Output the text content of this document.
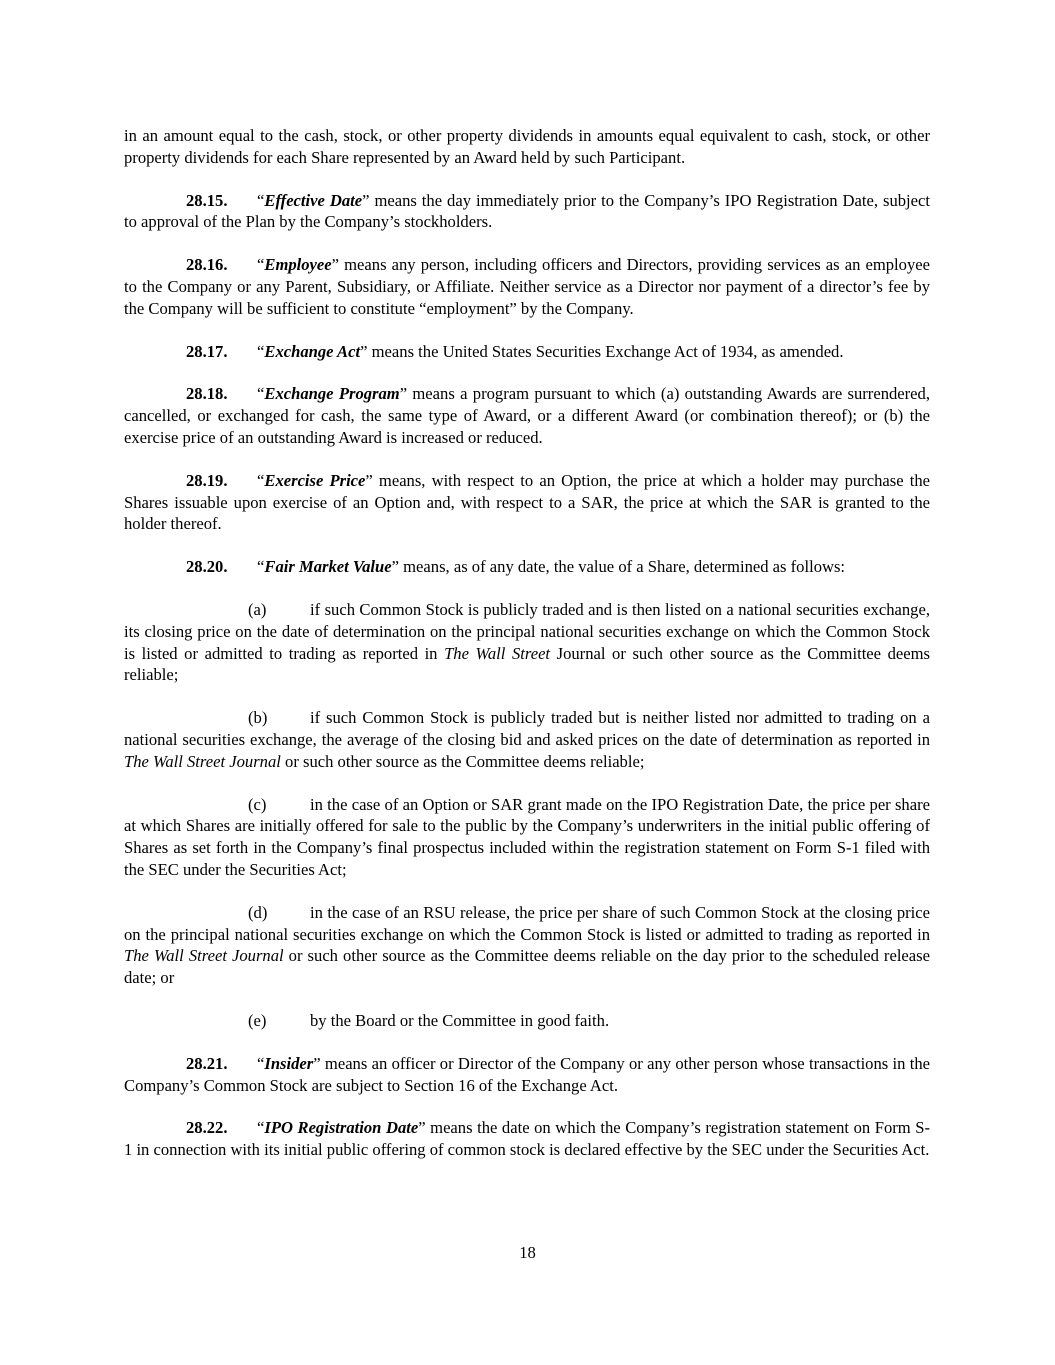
in an amount equal to the cash, stock, or other property dividends in amounts equal equivalent to cash, stock, or other property dividends for each Share represented by an Award held by such Participant.

28.15. “Effective Date” means the day immediately prior to the Company’s IPO Registration Date, subject to approval of the Plan by the Company’s stockholders.

28.16. “Employee” means any person, including officers and Directors, providing services as an employee to the Company or any Parent, Subsidiary, or Affiliate. Neither service as a Director nor payment of a director’s fee by the Company will be sufficient to constitute “employment” by the Company.

28.17. “Exchange Act” means the United States Securities Exchange Act of 1934, as amended.

28.18. “Exchange Program” means a program pursuant to which (a) outstanding Awards are surrendered, cancelled, or exchanged for cash, the same type of Award, or a different Award (or combination thereof); or (b) the exercise price of an outstanding Award is increased or reduced.

28.19. “Exercise Price” means, with respect to an Option, the price at which a holder may purchase the Shares issuable upon exercise of an Option and, with respect to a SAR, the price at which the SAR is granted to the holder thereof.

28.20. “Fair Market Value” means, as of any date, the value of a Share, determined as follows:

(a)	if such Common Stock is publicly traded and is then listed on a national securities exchange, its closing price on the date of determination on the principal national securities exchange on which the Common Stock is listed or admitted to trading as reported in The Wall Street Journal or such other source as the Committee deems reliable;

(b)	if such Common Stock is publicly traded but is neither listed nor admitted to trading on a national securities exchange, the average of the closing bid and asked prices on the date of determination as reported in The Wall Street Journal or such other source as the Committee deems reliable;

(c)	in the case of an Option or SAR grant made on the IPO Registration Date, the price per share at which Shares are initially offered for sale to the public by the Company’s underwriters in the initial public offering of Shares as set forth in the Company’s final prospectus included within the registration statement on Form S-1 filed with the SEC under the Securities Act;

(d)	in the case of an RSU release, the price per share of such Common Stock at the closing price on the principal national securities exchange on which the Common Stock is listed or admitted to trading as reported in The Wall Street Journal or such other source as the Committee deems reliable on the day prior to the scheduled release date; or

(e)	by the Board or the Committee in good faith.

28.21. “Insider” means an officer or Director of the Company or any other person whose transactions in the Company’s Common Stock are subject to Section 16 of the Exchange Act.

28.22. “IPO Registration Date” means the date on which the Company’s registration statement on Form S-1 in connection with its initial public offering of common stock is declared effective by the SEC under the Securities Act.

18
